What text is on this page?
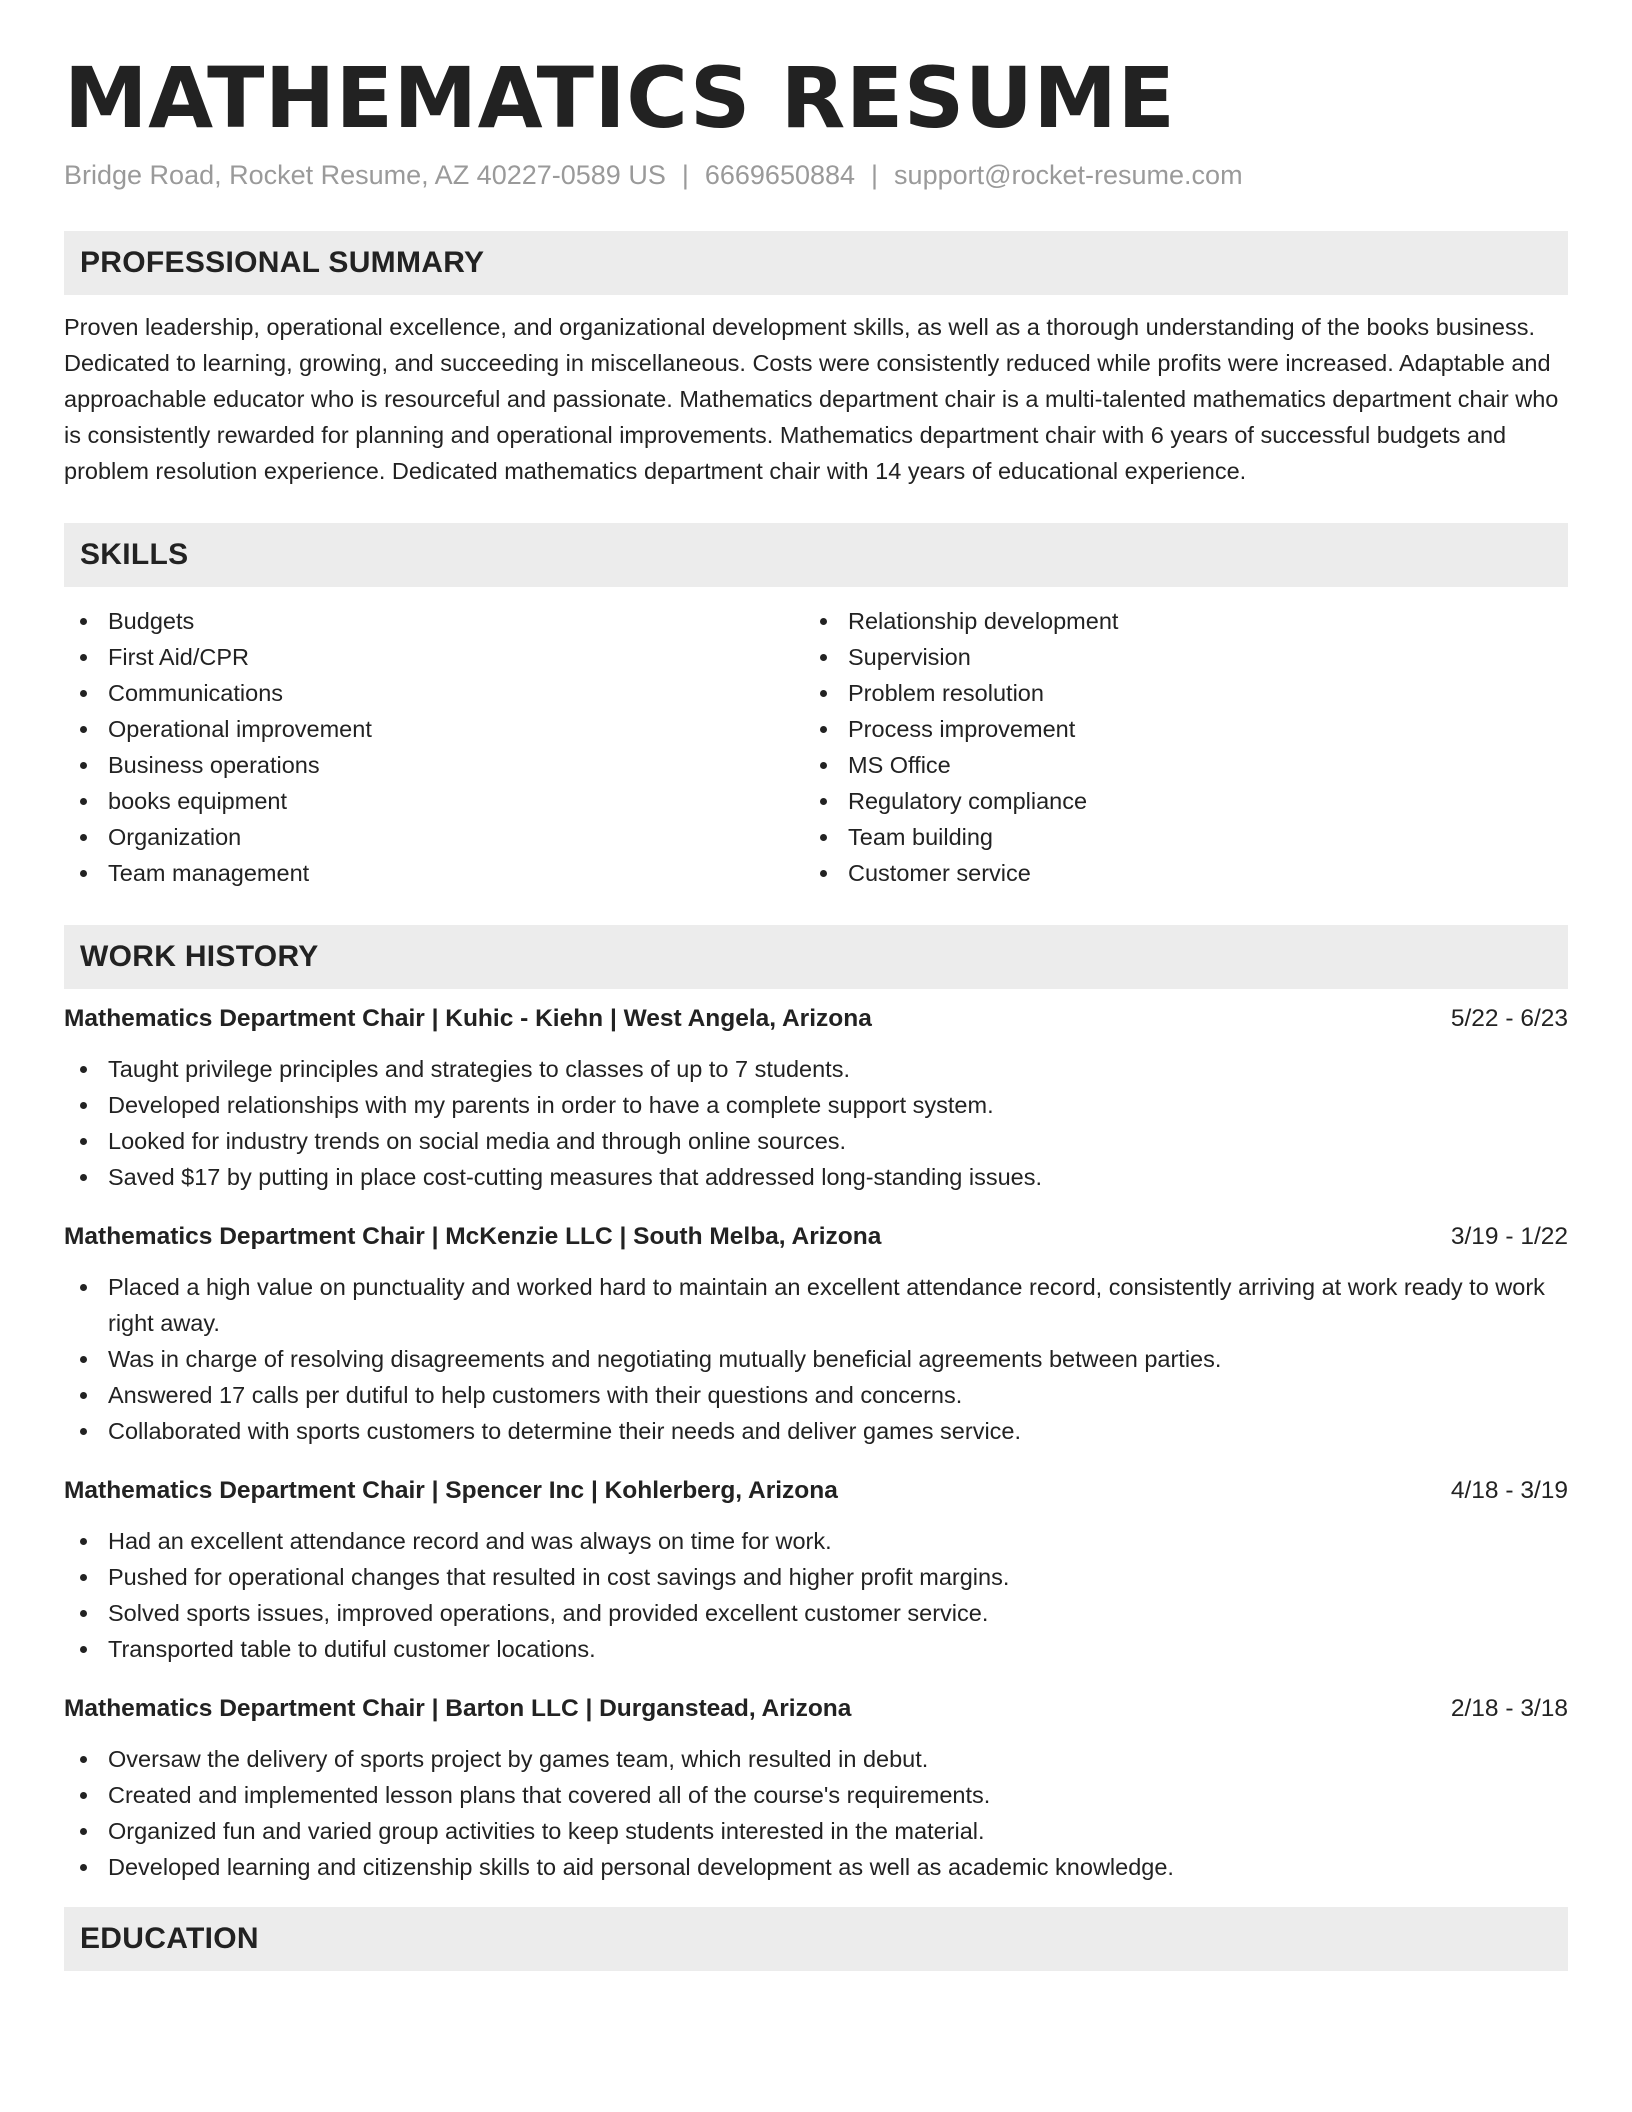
MATHEMATICS RESUME
Bridge Road, Rocket Resume, AZ 40227-0589 US | 6669650884 | support@rocket-resume.com
PROFESSIONAL SUMMARY

Proven leadership, operational excellence, and organizational development skills, as well as a thorough understanding of the books business. Dedicated to learning, growing, and succeeding in miscellaneous. Costs were consistently reduced while profits were increased. Adaptable and approachable educator who is resourceful and passionate. Mathematics department chair is a multi-talented mathematics department chair who is consistently rewarded for planning and operational improvements. Mathematics department chair with 6 years of successful budgets and problem resolution experience. Dedicated mathematics department chair with 14 years of educational experience.

SKILLS
Budgets
First Aid/CPR
Communications
Operational improvement
Business operations
books equipment
Organization
Team management
Relationship development
Supervision
Problem resolution
Process improvement
MS Office
Regulatory compliance
Team building
Customer service
WORK HISTORY
Mathematics Department Chair | Kuhic - Kiehn | West Angela, Arizona	5/22 - 6/23
Taught privilege principles and strategies to classes of up to 7 students.
Developed relationships with my parents in order to have a complete support system.
Looked for industry trends on social media and through online sources.
Saved $17 by putting in place cost-cutting measures that addressed long-standing issues.
Mathematics Department Chair | McKenzie LLC | South Melba, Arizona	3/19 - 1/22
Placed a high value on punctuality and worked hard to maintain an excellent attendance record, consistently arriving at work ready to work right away.
Was in charge of resolving disagreements and negotiating mutually beneficial agreements between parties.
Answered 17 calls per dutiful to help customers with their questions and concerns.
Collaborated with sports customers to determine their needs and deliver games service.
Mathematics Department Chair | Spencer Inc | Kohlerberg, Arizona	4/18 - 3/19
Had an excellent attendance record and was always on time for work.
Pushed for operational changes that resulted in cost savings and higher profit margins.
Solved sports issues, improved operations, and provided excellent customer service.
Transported table to dutiful customer locations.
Mathematics Department Chair | Barton LLC | Durganstead, Arizona	2/18 - 3/18
Oversaw the delivery of sports project by games team, which resulted in debut.
Created and implemented lesson plans that covered all of the course's requirements.
Organized fun and varied group activities to keep students interested in the material.
Developed learning and citizenship skills to aid personal development as well as academic knowledge.
EDUCATION
